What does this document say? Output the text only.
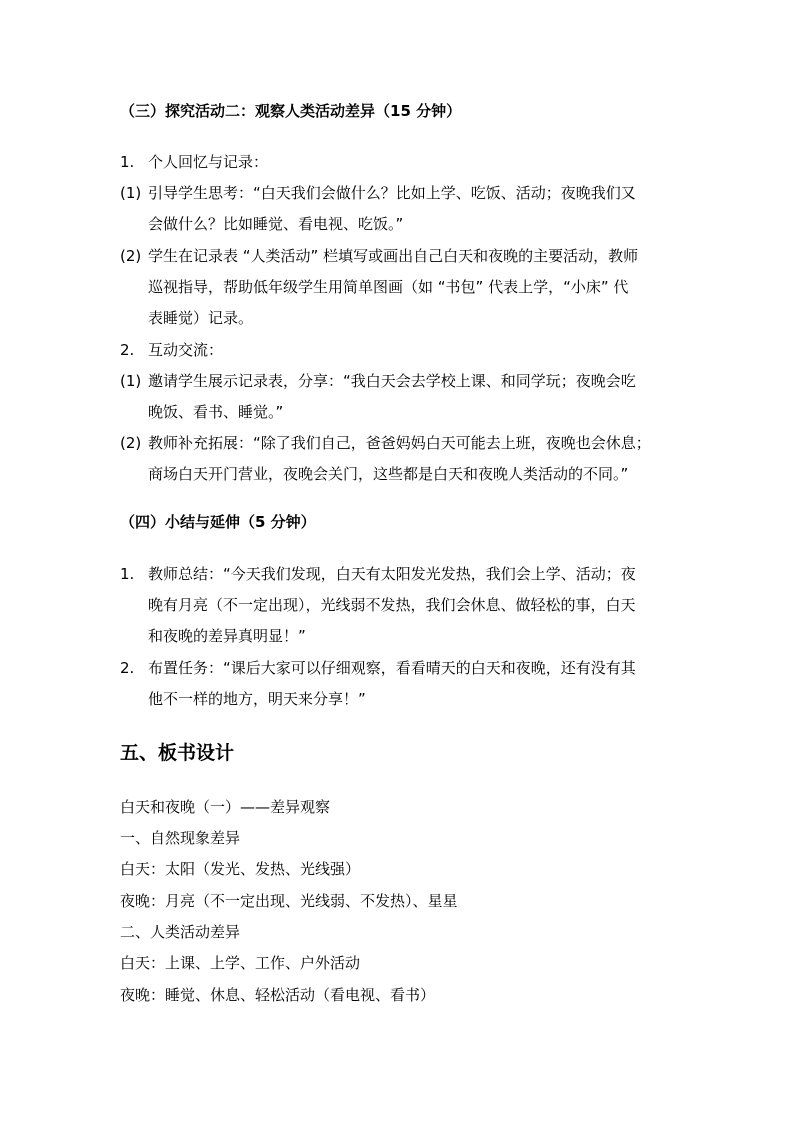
（三）探究活动二：观察人类活动差异（15 分钟）
1. 个人回忆与记录：
(1) 引导学生思考：“白天我们会做什么？比如上学、吃饭、活动；夜晚我们又
会做什么？比如睡觉、看电视、吃饭。”
(2) 学生在记录表 “人类活动” 栏填写或画出自己白天和夜晚的主要活动，教师
巡视指导，帮助低年级学生用简单图画（如 “书包” 代表上学，“小床” 代
表睡觉）记录。
2. 互动交流：
(1) 邀请学生展示记录表，分享：“我白天会去学校上课、和同学玩；夜晚会吃
晚饭、看书、睡觉。”
(2) 教师补充拓展：“除了我们自己，爸爸妈妈白天可能去上班，夜晚也会休息；
商场白天开门营业，夜晚会关门，这些都是白天和夜晚人类活动的不同。”
（四）小结与延伸（5 分钟）
1. 教师总结：“今天我们发现，白天有太阳发光发热，我们会上学、活动；夜
晚有月亮（不一定出现），光线弱不发热，我们会休息、做轻松的事，白天
和夜晚的差异真明显！”
2. 布置任务：“课后大家可以仔细观察，看看晴天的白天和夜晚，还有没有其
他不一样的地方，明天来分享！”
五、板书设计
白天和夜晚（一）——差异观察
一、自然现象差异
白天：太阳（发光、发热、光线强）
夜晚：月亮（不一定出现、光线弱、不发热）、星星
二、人类活动差异
白天：上课、上学、工作、户外活动
夜晚：睡觉、休息、轻松活动（看电视、看书）
